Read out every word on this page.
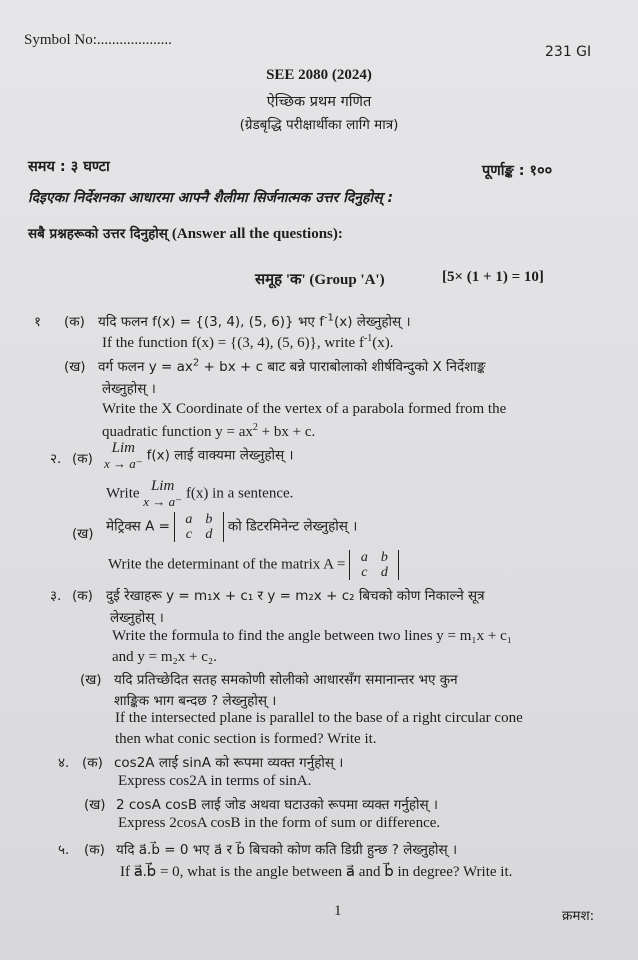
Symbol No:....................
231 GI
SEE 2080 (2024)
ऐच्छिक प्रथम गणित
(ग्रेडबृद्धि परीक्षार्थीका लागि मात्र)
समय : ३ घण्टा	पूर्णाङ्क : १००
दिइएका निर्देशनका आधारमा आफ्नै शैलीमा सिर्जनात्मक उत्तर दिनुहोस् :
सबै प्रश्नहरूको उत्तर दिनुहोस् (Answer all the questions):
समूह 'क' (Group 'A')	[5× (1 + 1) = 10]
१ (क) यदि फलन f(x) = {(3, 4), (5, 6)} भए $f^{-1}(x)$ लेख्नुहोस् ।
If the function f(x) = {(3, 4), (5, 6)}, write $f^{-1}(x)$.
(ख) वर्ग फलन $y = ax^2$ + bx + c बाट बन्ने पाराबोलाको शीर्षविन्दुको X निर्देशाङ्क
लेख्नुहोस् ।
Write the X Coordinate of the vertex of a parabola formed from the
quadratic function $y = ax^2$ + bx + c.
२. (क)
Lim
x → a⁻ f(x) लाई वाक्यमा लेख्नुहोस् ।
Write Lim
x → a⁻f(x) in a sentence.
(ख) मेट्रिक्स A = a b
c d को डिटरमिनेन्ट लेख्नुहोस् ।
Write the determinant of the matrix A = a b
c d
३. (क) दुई रेखाहरू y = m₁x + c₁ र y = m₂x + c₂ बिचको कोण निकाल्ने सूत्र
लेख्नुहोस् ।
Write the formula to find the angle between two lines y = m₁x + c₁
and y = m₂x + c₂.
(ख) यदि प्रतिच्छेदित सतह समकोणी सोलीको आधारसँग समानान्तर भए कुन
शाङ्किक भाग बन्दछ ? लेख्नुहोस् ।
If the intersected plane is parallel to the base of a right circular cone
then what conic section is formed? Write it.
४. (क) cos2A लाई sinA को रूपमा व्यक्त गर्नुहोस् ।
Express cos2A in terms of sinA.
(ख) 2 cosA cosB लाई जोड अथवा घटाउको रूपमा व्यक्त गर्नुहोस् ।
Express 2cosA cosB in the form of sum or difference.
५. (क) यदि a⃗.b⃗ = 0 भए a⃗ र b⃗ बिचको कोण कति डिग्री हुन्छ ? लेख्नुहोस् ।
If a⃗.b⃗ = 0, what is the angle between a⃗ and b⃗ in degree? Write it.
1	क्रमश:
